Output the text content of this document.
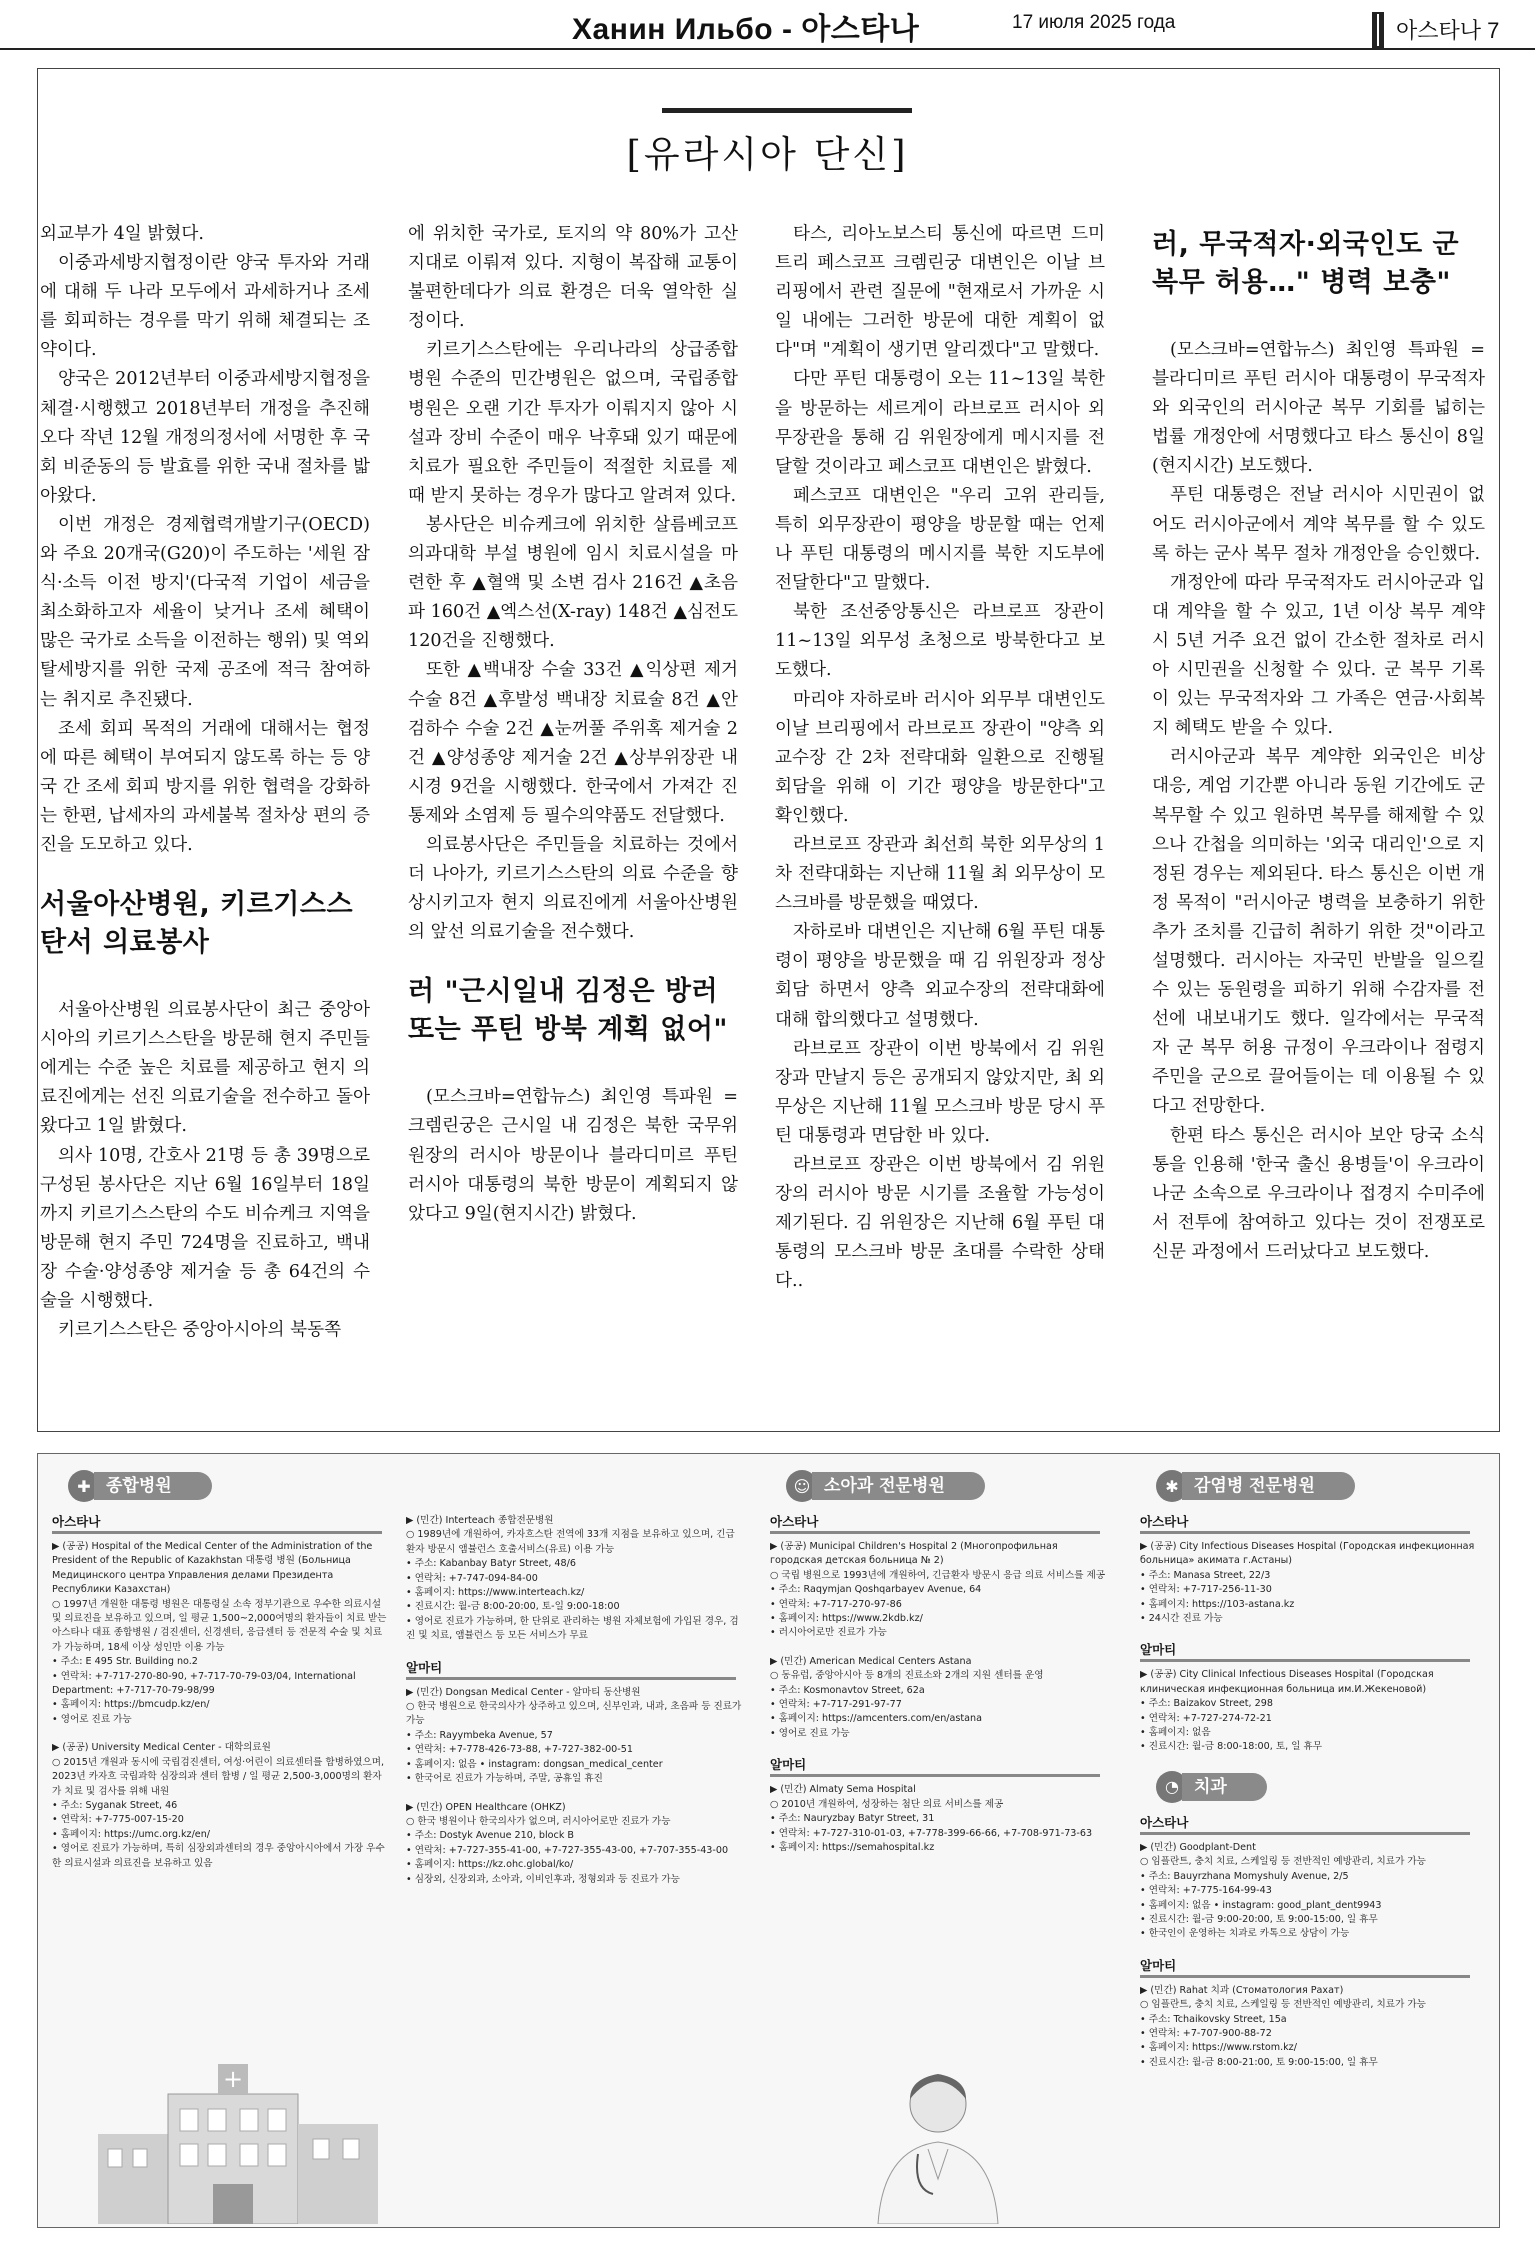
Ханин Ильбо - 아스타나	17 июля 2025 года	아스타나 7
[유라시아 단신]

외교부가 4일 밝혔다.

이중과세방지협정이란 양국 투자와 거래에 대해 두 나라 모두에서 과세하거나 조세를 회피하는 경우를 막기 위해 체결되는 조약이다.

양국은 2012년부터 이중과세방지협정을 체결·시행했고 2018년부터 개정을 추진해오다 작년 12월 개정의정서에 서명한 후 국회 비준동의 등 발효를 위한 국내 절차를 밟아왔다.

이번 개정은 경제협력개발기구(OECD)와 주요 20개국(G20)이 주도하는 '세원 잠식·소득 이전 방지'(다국적 기업이 세금을 최소화하고자 세율이 낮거나 조세 혜택이 많은 국가로 소득을 이전하는 행위) 및 역외탈세방지를 위한 국제 공조에 적극 참여하는 취지로 추진됐다.

조세 회피 목적의 거래에 대해서는 협정에 따른 혜택이 부여되지 않도록 하는 등 양국 간 조세 회피 방지를 위한 협력을 강화하는 한편, 납세자의 과세불복 절차상 편의 증진을 도모하고 있다.

서울아산병원, 키르기스스탄서 의료봉사

서울아산병원 의료봉사단이 최근 중앙아시아의 키르기스스탄을 방문해 현지 주민들에게는 수준 높은 치료를 제공하고 현지 의료진에게는 선진 의료기술을 전수하고 돌아왔다고 1일 밝혔다.

의사 10명, 간호사 21명 등 총 39명으로 구성된 봉사단은 지난 6월 16일부터 18일까지 키르기스스탄의 수도 비슈케크 지역을 방문해 현지 주민 724명을 진료하고, 백내장 수술·양성종양 제거술 등 총 64건의 수술을 시행했다.

키르기스스탄은 중앙아시아의 북동쪽

에 위치한 국가로, 토지의 약 80%가 고산지대로 이뤄져 있다. 지형이 복잡해 교통이 불편한데다가 의료 환경은 더욱 열악한 실정이다.

키르기스스탄에는 우리나라의 상급종합병원 수준의 민간병원은 없으며, 국립종합병원은 오랜 기간 투자가 이뤄지지 않아 시설과 장비 수준이 매우 낙후돼 있기 때문에 치료가 필요한 주민들이 적절한 치료를 제때 받지 못하는 경우가 많다고 알려져 있다.

봉사단은 비슈케크에 위치한 살름베코프 의과대학 부설 병원에 임시 치료시설을 마련한 후 ▲혈액 및 소변 검사 216건 ▲초음파 160건 ▲엑스선(X-ray) 148건 ▲심전도 120건을 진행했다.

또한 ▲백내장 수술 33건 ▲익상편 제거 수술 8건 ▲후발성 백내장 치료술 8건 ▲안검하수 수술 2건 ▲눈꺼풀 주위혹 제거술 2건 ▲양성종양 제거술 2건 ▲상부위장관 내시경 9건을 시행했다. 한국에서 가져간 진통제와 소염제 등 필수의약품도 전달했다.

의료봉사단은 주민들을 치료하는 것에서 더 나아가, 키르기스스탄의 의료 수준을 향상시키고자 현지 의료진에게 서울아산병원의 앞선 의료기술을 전수했다.

러 "근시일내 김정은 방러 또는 푸틴 방북 계획 없어"

(모스크바=연합뉴스) 최인영 특파원 = 크렘린궁은 근시일 내 김정은 북한 국무위원장의 러시아 방문이나 블라디미르 푸틴 러시아 대통령의 북한 방문이 계획되지 않았다고 9일(현지시간) 밝혔다.

타스, 리아노보스티 통신에 따르면 드미트리 페스코프 크렘린궁 대변인은 이날 브리핑에서 관련 질문에 "현재로서 가까운 시일 내에는 그러한 방문에 대한 계획이 없다"며 "계획이 생기면 알리겠다"고 말했다.

다만 푸틴 대통령이 오는 11~13일 북한을 방문하는 세르게이 라브로프 러시아 외무장관을 통해 김 위원장에게 메시지를 전달할 것이라고 페스코프 대변인은 밝혔다.

페스코프 대변인은 "우리 고위 관리들, 특히 외무장관이 평양을 방문할 때는 언제나 푸틴 대통령의 메시지를 북한 지도부에 전달한다"고 말했다.

북한 조선중앙통신은 라브로프 장관이 11~13일 외무성 초청으로 방북한다고 보도했다.

마리야 자하로바 러시아 외무부 대변인도 이날 브리핑에서 라브로프 장관이 "양측 외교수장 간 2차 전략대화 일환으로 진행될 회담을 위해 이 기간 평양을 방문한다"고 확인했다.

라브로프 장관과 최선희 북한 외무상의 1차 전략대화는 지난해 11월 최 외무상이 모스크바를 방문했을 때였다.

자하로바 대변인은 지난해 6월 푸틴 대통령이 평양을 방문했을 때 김 위원장과 정상회담 하면서 양측 외교수장의 전략대화에 대해 합의했다고 설명했다.

라브로프 장관이 이번 방북에서 김 위원장과 만날지 등은 공개되지 않았지만, 최 외무상은 지난해 11월 모스크바 방문 당시 푸틴 대통령과 면담한 바 있다.

라브로프 장관은 이번 방북에서 김 위원장의 러시아 방문 시기를 조율할 가능성이 제기된다. 김 위원장은 지난해 6월 푸틴 대통령의 모스크바 방문 초대를 수락한 상태다..

러, 무국적자·외국인도 군복무 허용…" 병력 보충"

(모스크바=연합뉴스) 최인영 특파원 = 블라디미르 푸틴 러시아 대통령이 무국적자와 외국인의 러시아군 복무 기회를 넓히는 법률 개정안에 서명했다고 타스 통신이 8일(현지시간) 보도했다.

푸틴 대통령은 전날 러시아 시민권이 없어도 러시아군에서 계약 복무를 할 수 있도록 하는 군사 복무 절차 개정안을 승인했다.

개정안에 따라 무국적자도 러시아군과 입대 계약을 할 수 있고, 1년 이상 복무 계약 시 5년 거주 요건 없이 간소한 절차로 러시아 시민권을 신청할 수 있다. 군 복무 기록이 있는 무국적자와 그 가족은 연금·사회복지 혜택도 받을 수 있다.

러시아군과 복무 계약한 외국인은 비상 대응, 계엄 기간뿐 아니라 동원 기간에도 군 복무할 수 있고 원하면 복무를 해제할 수 있으나 간첩을 의미하는 '외국 대리인'으로 지정된 경우는 제외된다. 타스 통신은 이번 개정 목적이 "러시아군 병력을 보충하기 위한 추가 조치를 긴급히 취하기 위한 것"이라고 설명했다. 러시아는 자국민 반발을 일으킬 수 있는 동원령을 피하기 위해 수감자를 전선에 내보내기도 했다. 일각에서는 무국적자 군 복무 허용 규정이 우크라이나 점령지 주민을 군으로 끌어들이는 데 이용될 수 있다고 전망한다.

한편 타스 통신은 러시아 보안 당국 소식통을 인용해 '한국 출신 용병들'이 우크라이나군 소속으로 우크라이나 접경지 수미주에서 전투에 참여하고 있다는 것이 전쟁포로 신문 과정에서 드러났다고 보도했다.

✚ 종합병원
아스타나
▶ (공공) Hospital of the Medical Center of the Administration of the President of the Republic of Kazakhstan 대통령 병원 (Больница Медицинского центра Управления делами Президента Республики Казахстан)
○ 1997년 개원한 대통령 병원은 대통령실 소속 정부기관으로 우수한 의료시설 및 의료진을 보유하고 있으며, 일 평균 1,500~2,000여명의 환자들이 치료 받는 아스타나 대표 종합병원 / 검진센터, 신경센터, 응급센터 등 전문적 수술 및 치료가 가능하며, 18세 이상 성인만 이용 가능
• 주소: E 495 Str. Building no.2
• 연락처: +7-717-270-80-90, +7-717-70-79-03/04, International Department: +7-717-70-79-98/99
• 홈페이지: https://bmcudp.kz/en/
• 영어로 진료 가능
▶ (공공) University Medical Center - 대학의료원
○ 2015년 개원과 동시에 국립검진센터, 여성·어린이 의료센터를 합병하였으며, 2023년 카자흐 국립과학 심장의과 센터 합병 / 일 평균 2,500-3,000명의 환자가 치료 및 검사를 위해 내원
• 주소: Syganak Street, 46
• 연락처: +7-775-007-15-20
• 홈페이지: https://umc.org.kz/en/
• 영어로 진료가 가능하며, 특히 심장외과센터의 경우 중앙아시아에서 가장 우수한 의료시설과 의료진을 보유하고 있음
▶ (민간) Interteach 종합전문병원
○ 1989년에 개원하여, 카자흐스탄 전역에 33개 지점을 보유하고 있으며, 긴급환자 방문시 앰뷸런스 호출서비스(유료) 이용 가능
• 주소: Kabanbay Batyr Street, 48/6
• 연락처: +7-747-094-84-00
• 홈페이지: https://www.interteach.kz/
• 진료시간: 월-금 8:00-20:00, 토-일 9:00-18:00
• 영어로 진료가 가능하며, 한 단위로 관리하는 병원 자체보험에 가입된 경우, 검진 및 치료, 앰뷸런스 등 모든 서비스가 무료
알마티
▶ (민간) Dongsan Medical Center - 알마티 동산병원
○ 한국 병원으로 한국의사가 상주하고 있으며, 신부인과, 내과, 초음파 등 진료가 가능
• 주소: Rayymbeka Avenue, 57
• 연락처: +7-778-426-73-88, +7-727-382-00-51
• 홈페이지: 없음 • instagram: dongsan_medical_center
• 한국어로 진료가 가능하며, 주말, 공휴일 휴진
▶ (민간) OPEN Healthcare (OHKZ)
○ 한국 병원이나 한국의사가 없으며, 러시아어로만 진료가 가능
• 주소: Dostyk Avenue 210, block B
• 연락처: +7-727-355-41-00, +7-727-355-43-00, +7-707-355-43-00
• 홈페이지: https://kz.ohc.global/ko/
• 심장외, 신장외과, 소아과, 이비인후과, 정형외과 등 진료가 가능
☺ 소아과 전문병원
아스타나
▶ (공공) Municipal Children's Hospital 2 (Многопрофильная городская детская больница № 2)
○ 국립 병원으로 1993년에 개원하여, 긴급환자 방문시 응급 의료 서비스를 제공
• 주소: Raqymjan Qoshqarbayev Avenue, 64
• 연락처: +7-717-270-97-86
• 홈페이지: https://www.2kdb.kz/
• 러시아어로만 진료가 가능
▶ (민간) American Medical Centers Astana
○ 동유럽, 중앙아시아 등 8개의 진료소와 2개의 지원 센터를 운영
• 주소: Kosmonavtov Street, 62a
• 연락처: +7-717-291-97-77
• 홈페이지: https://amcenters.com/en/astana
• 영어로 진료 가능
알마티
▶ (민간) Almaty Sema Hospital
○ 2010년 개원하여, 성장하는 첨단 의료 서비스를 제공
• 주소: Nauryzbay Batyr Street, 31
• 연락처: +7-727-310-01-03, +7-778-399-66-66, +7-708-971-73-63
• 홈페이지: https://semahospital.kz
✱ 감염병 전문병원
아스타나
▶ (공공) City Infectious Diseases Hospital (Городская инфекционная больница» акимата г.Астаны)
• 주소: Manasa Street, 22/3
• 연락처: +7-717-256-11-30
• 홈페이지: https://103-astana.kz
• 24시간 진료 가능
알마티
▶ (공공) City Clinical Infectious Diseases Hospital (Городская клиническая инфекционная больница им.И.Жекеновой)
• 주소: Baizakov Street, 298
• 연락처: +7-727-274-72-21
• 홈페이지: 없음
• 진료시간: 월-금 8:00-18:00, 토, 일 휴무
◔ 치과
아스타나
▶ (민간) Goodplant-Dent
○ 임플란트, 충치 치료, 스케일링 등 전반적인 예방관리, 치료가 가능
• 주소: Bauyrzhana Momyshuly Avenue, 2/5
• 연락처: +7-775-164-99-43
• 홈페이지: 없음 • instagram: good_plant_dent9943
• 진료시간: 월-금 9:00-20:00, 토 9:00-15:00, 일 휴무
• 한국인이 운영하는 치과로 카톡으로 상담이 가능
알마티
▶ (민간) Rahat 치과 (Стоматология Рахат)
○ 임플란트, 충치 치료, 스케일링 등 전반적인 예방관리, 치료가 가능
• 주소: Tchaikovsky Street, 15a
• 연락처: +7-707-900-88-72
• 홈페이지: https://www.rstom.kz/
• 진료시간: 월-금 8:00-21:00, 토 9:00-15:00, 일 휴무
+
